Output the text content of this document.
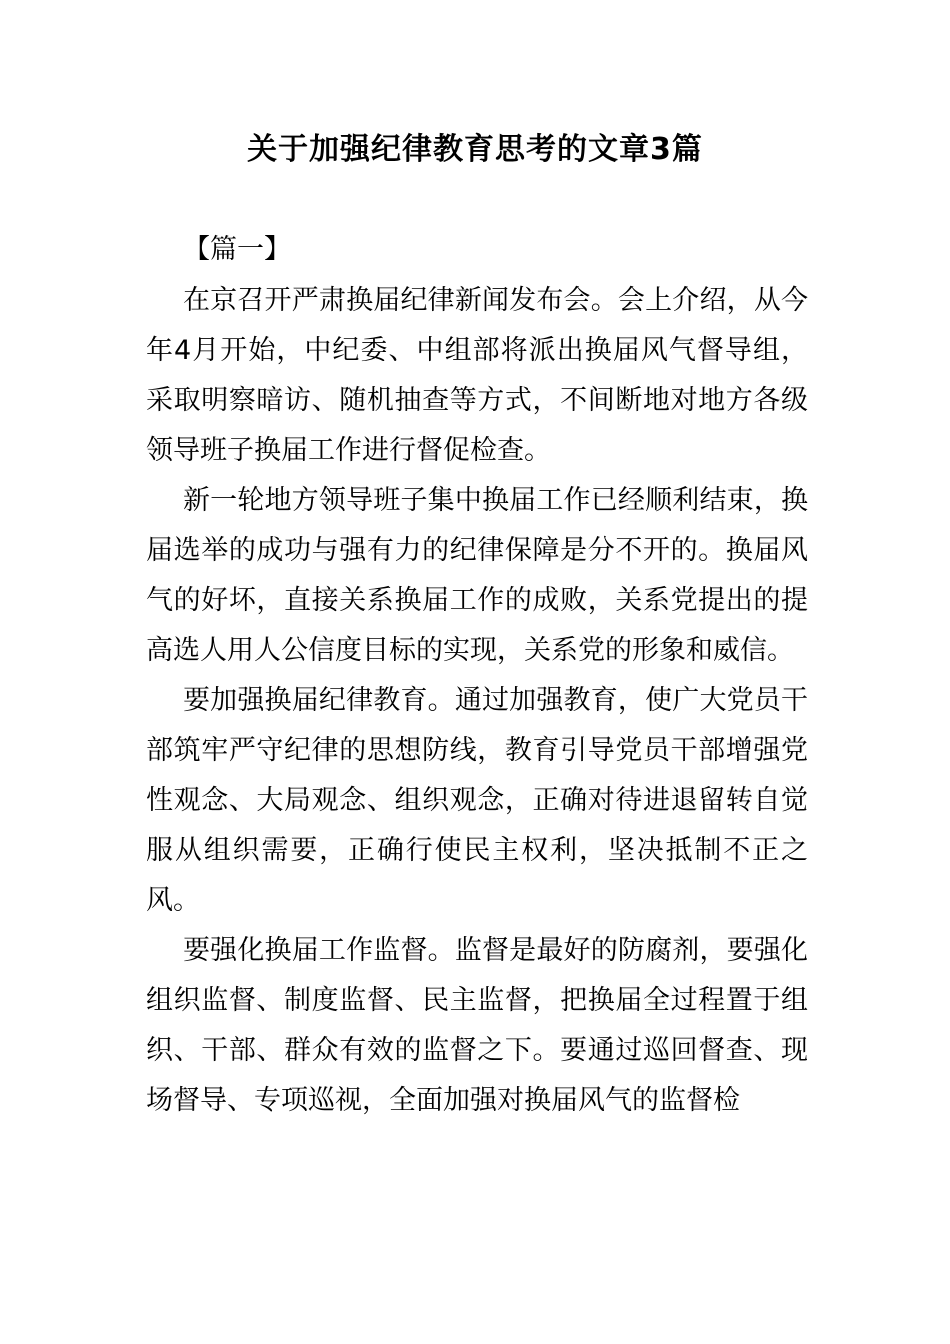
关于加强纪律教育思考的文章3篇
【篇一】

在京召开严肃换届纪律新闻发布会。会上介绍，从今年4月开始，中纪委、中组部将派出换届风气督导组，采取明察暗访、随机抽查等方式，不间断地对地方各级领导班子换届工作进行督促检查。

新一轮地方领导班子集中换届工作已经顺利结束，换届选举的成功与强有力的纪律保障是分不开的。换届风气的好坏，直接关系换届工作的成败，关系党提出的提高选人用人公信度目标的实现，关系党的形象和威信。

要加强换届纪律教育。通过加强教育，使广大党员干部筑牢严守纪律的思想防线，教育引导党员干部增强党性观念、大局观念、组织观念，正确对待进退留转自觉服从组织需要，正确行使民主权利，坚决抵制不正之风。

要强化换届工作监督。监督是最好的防腐剂，要强化组织监督、制度监督、民主监督，把换届全过程置于组织、干部、群众有效的监督之下。要通过巡回督查、现场督导、专项巡视，全面加强对换届风气的监督检
